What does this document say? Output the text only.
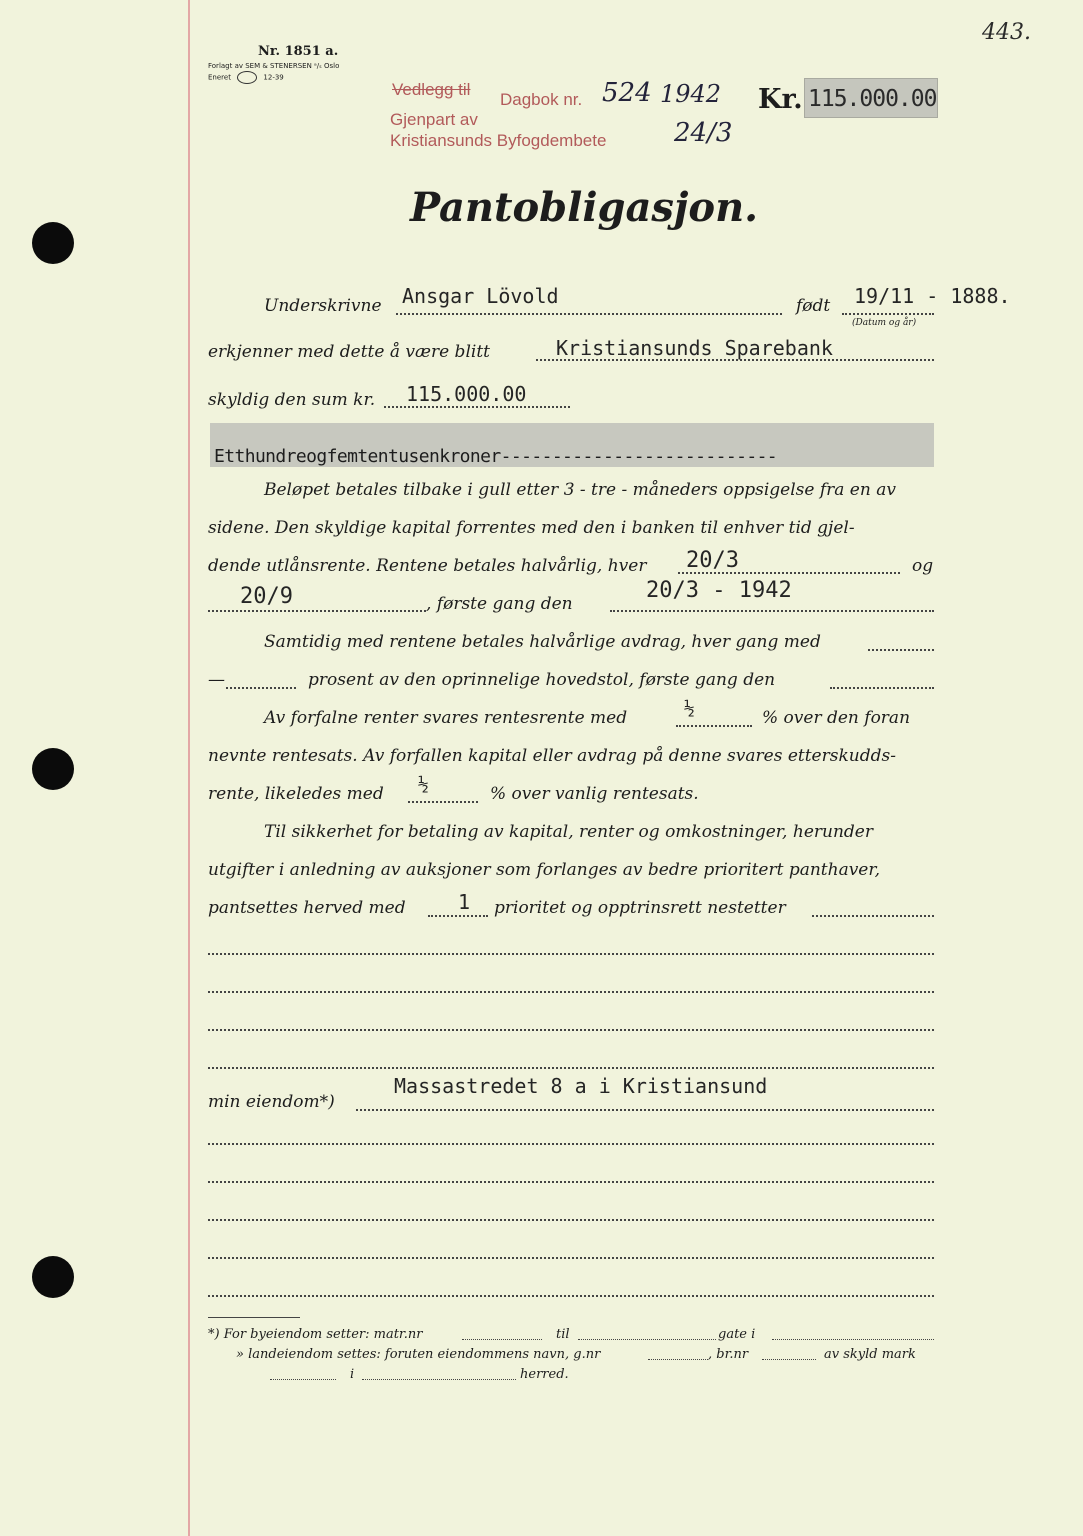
443.
Nr. 1851 a.
Forlagt av SEM & STENERSEN ᵃ/ₛ Oslo
Eneret	12-39
Vedlegg til
Dagbok nr. 524 1942
Gjenpart av
Kristiansunds Byfogdembete	24/3
Kr. 115.000.00
Pantobligasjon.
Underskrivne Ansgar Lövold	født 19/11 - 1888.
(Datum og år)
erkjenner med dette å være blitt	Kristiansunds Sparebank
skyldig den sum kr. 115.000.00
Etthundreogfemtentusenkroner---------------------------
Beløpet betales tilbake i gull etter 3 - tre - måneders oppsigelse fra en av
sidene. Den skyldige kapital forrentes med den i banken til enhver tid gjel-
dende utlånsrente. Rentene betales halvårlig, hver 20/3	og
20/9	, første gang den
20/3 - 1942
Samtidig med rentene betales halvårlige avdrag, hver gang med
—	prosent av den oprinnelige hovedstol, første gang den
Av forfalne renter svares rentesrente med	½	% over den foran
nevnte rentesats. Av forfallen kapital eller avdrag på denne svares etterskudds-
rente, likeledes med ½	% over vanlig rentesats.
Til sikkerhet for betaling av kapital, renter og omkostninger, herunder
utgifter i anledning av auksjoner som forlanges av bedre prioritert panthaver,
pantsettes herved med	1 prioritet og opptrinsrett nestetter
min eiendom*)
Massastredet 8 a i Kristiansund
*) For byeiendom setter: matr.nr	til	gate i
» landeiendom settes: foruten eiendommens navn, g.nr	, br.nr	av skyld mark
i	herred.
